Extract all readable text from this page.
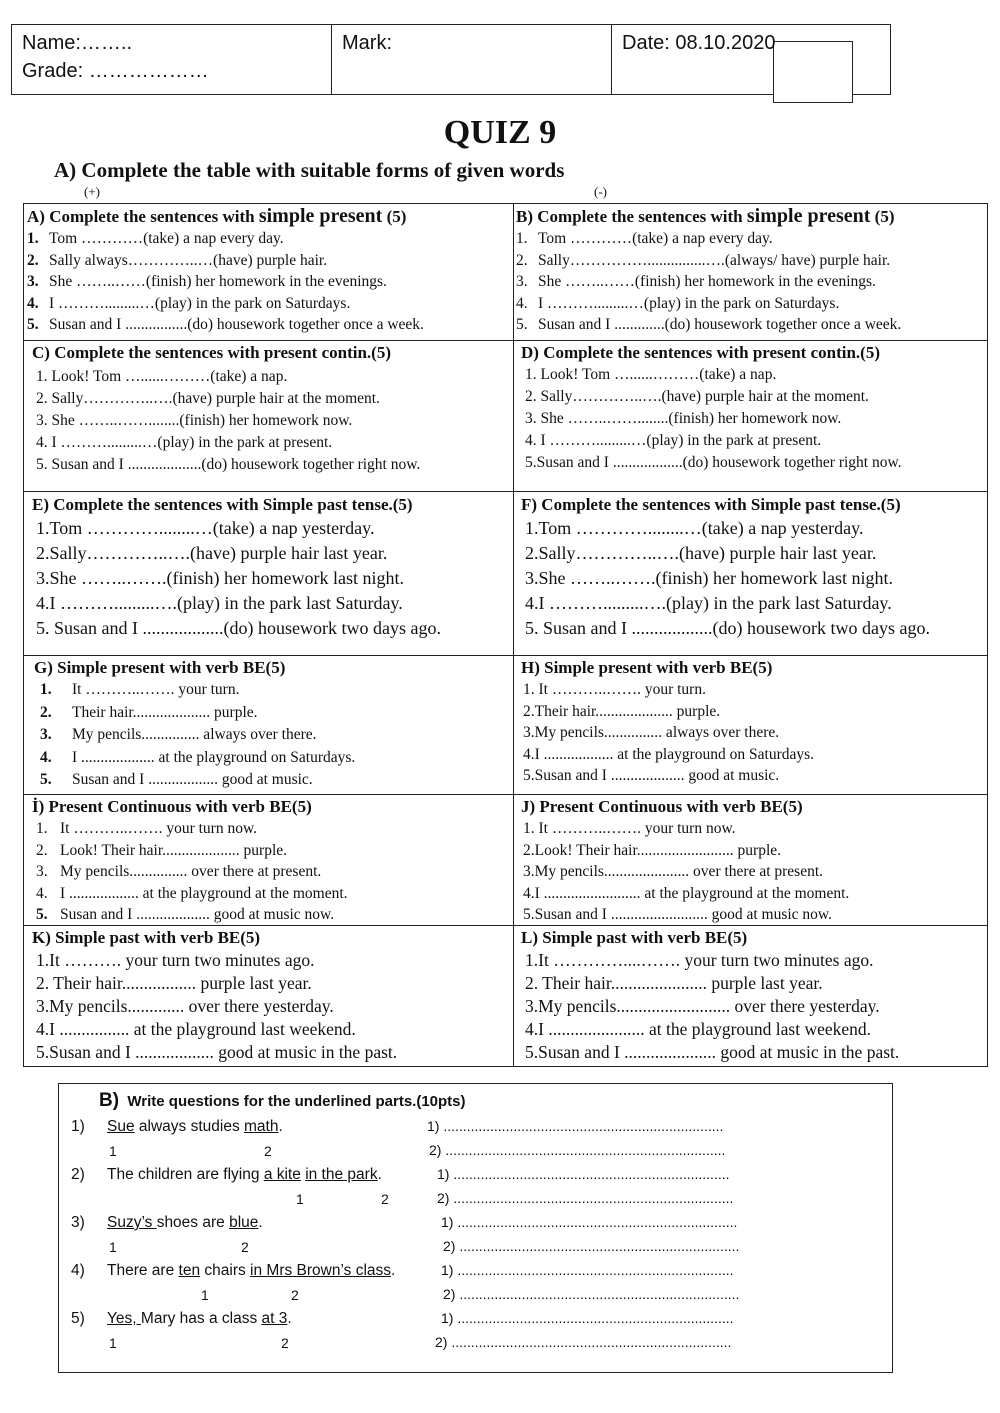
Name:……..
Grade: ………………
Mark:	Date: 08.10.2020
QUIZ 9
A) Complete the table with suitable forms of given words
(+)	(-)
A) Complete the sentences with simple present (5)
1. Tom …………(take) a nap every day.
2. Sally always…………..…(have) purple hair.
3. She ……..……(finish) her homework in the evenings.
4. I ……….........…(play) in the park on Saturdays.
5. Susan and I ................(do) housework together once a week.
B) Complete the sentences with simple present (5)
1. Tom …………(take) a nap every day.
2. Sally……………...............….(always/ have) purple hair.
3. She ……..……(finish) her homework in the evenings.
4. I ……….........…(play) in the park on Saturdays.
5. Susan and I .............(do) housework together once a week.
C) Complete the sentences with present contin.(5)
1. Look! Tom …......………(take) a nap.
2. Sally…………..….(have) purple hair at the moment.
3. She ……..……........(finish) her homework now.
4. I ……….........…(play) in the park at present.
5. Susan and I ...................(do) housework together right now.
D) Complete the sentences with present contin.(5)
1. Look! Tom …......………(take) a nap.
2. Sally…………..….(have) purple hair at the moment.
3. She ……..……........(finish) her homework now.
4. I ……….........…(play) in the park at present.
5.Susan and I ..................(do) housework together right now.
E) Complete the sentences with Simple past tense.(5)
1.Tom …………........…(take) a nap yesterday.
2.Sally…………..….(have) purple hair last year.
3.She ……..…….(finish) her homework last night.
4.I ……….........….(play) in the park last Saturday.
5. Susan and I ..................(do) housework two days ago.
F) Complete the sentences with Simple past tense.(5)
1.Tom …………........…(take) a nap yesterday.
2.Sally…………..….(have) purple hair last year.
3.She ……..…….(finish) her homework last night.
4.I ……….........….(play) in the park last Saturday.
5. Susan and I ..................(do) housework two days ago.
G) Simple present with verb BE(5)
1. It ………..……. your turn.
2. Their hair.................... purple.
3. My pencils............... always over there.
4. I ................... at the playground on Saturdays.
5. Susan and I .................. good at music.
H) Simple present with verb BE(5)
1. It ………..……. your turn.
2.Their hair.................... purple.
3.My pencils............... always over there.
4.I .................. at the playground on Saturdays.
5.Susan and I ................... good at music.
İ) Present Continuous with verb BE(5)
1. It ………..……. your turn now.
2. Look! Their hair.................... purple.
3. My pencils............... over there at present.
4. I .................. at the playground at the moment.
5. Susan and I ................... good at music now.
J) Present Continuous with verb BE(5)
1. It ………..……. your turn now.
2.Look! Their hair......................... purple.
3.My pencils...................... over there at present.
4.I ......................... at the playground at the moment.
5.Susan and I ......................... good at music now.
K) Simple past with verb BE(5)
1.It ………. your turn two minutes ago.
2. Their hair................. purple last year.
3.My pencils............. over there yesterday.
4.I ................ at the playground last weekend.
5.Susan and I .................. good at music in the past.
L) Simple past with verb BE(5)
1.It …………....……. your turn two minutes ago.
2. Their hair...................... purple last year.
3.My pencils.......................... over there yesterday.
4.I ...................... at the playground last weekend.
5.Susan and I ..................... good at music in the past.
B) Write questions for the underlined parts.(10pts)
1) Sue always studies math.	1) ........................................................................
2) ........................................................................
1	2
2) The children are flying a kite in the park.	1) .......................................................................
2) ........................................................................
1	2
3) Suzy’s shoes are blue.	1) ........................................................................
2) ........................................................................
1	2
4) There are ten chairs in Mrs Brown’s class.	1) .......................................................................
2) ........................................................................
1	2
5) Yes, Mary has a class at 3.	1) .......................................................................
2) ........................................................................
1	2
